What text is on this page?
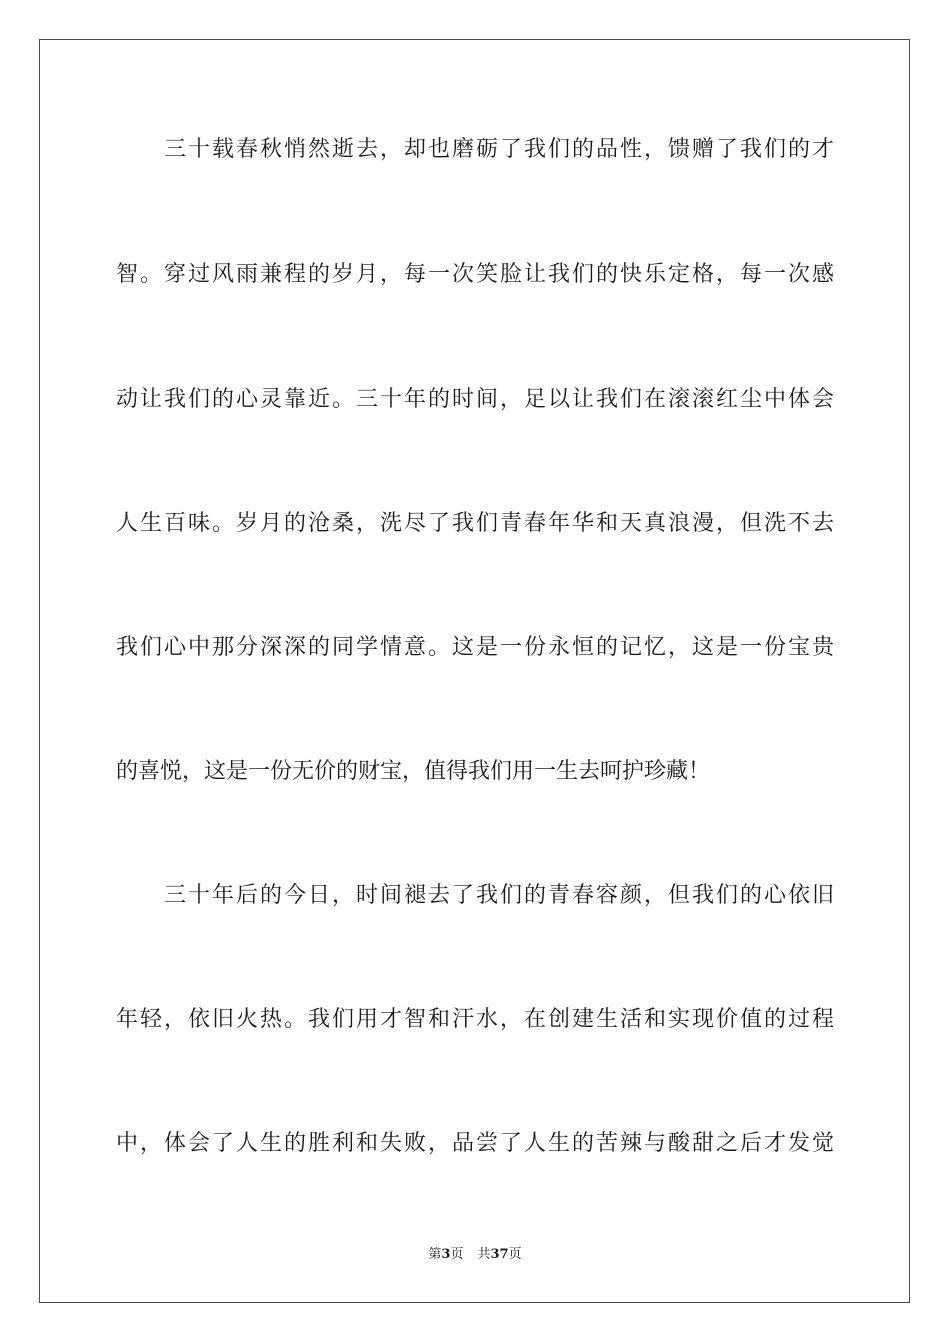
三十载春秋悄然逝去，却也磨砺了我们的品性，馈赠了我们的才
智。穿过风雨兼程的岁月，每一次笑脸让我们的快乐定格，每一次感
动让我们的心灵靠近。三十年的时间，足以让我们在滚滚红尘中体会
人生百味。岁月的沧桑，洗尽了我们青春年华和天真浪漫，但洗不去
我们心中那分深深的同学情意。这是一份永恒的记忆，这是一份宝贵
的喜悦，这是一份无价的财宝，值得我们用一生去呵护珍藏！
三十年后的今日，时间褪去了我们的青春容颜，但我们的心依旧
年轻，依旧火热。我们用才智和汗水，在创建生活和实现价值的过程
中，体会了人生的胜利和失败，品尝了人生的苦辣与酸甜之后才发觉
第3页 共37页
